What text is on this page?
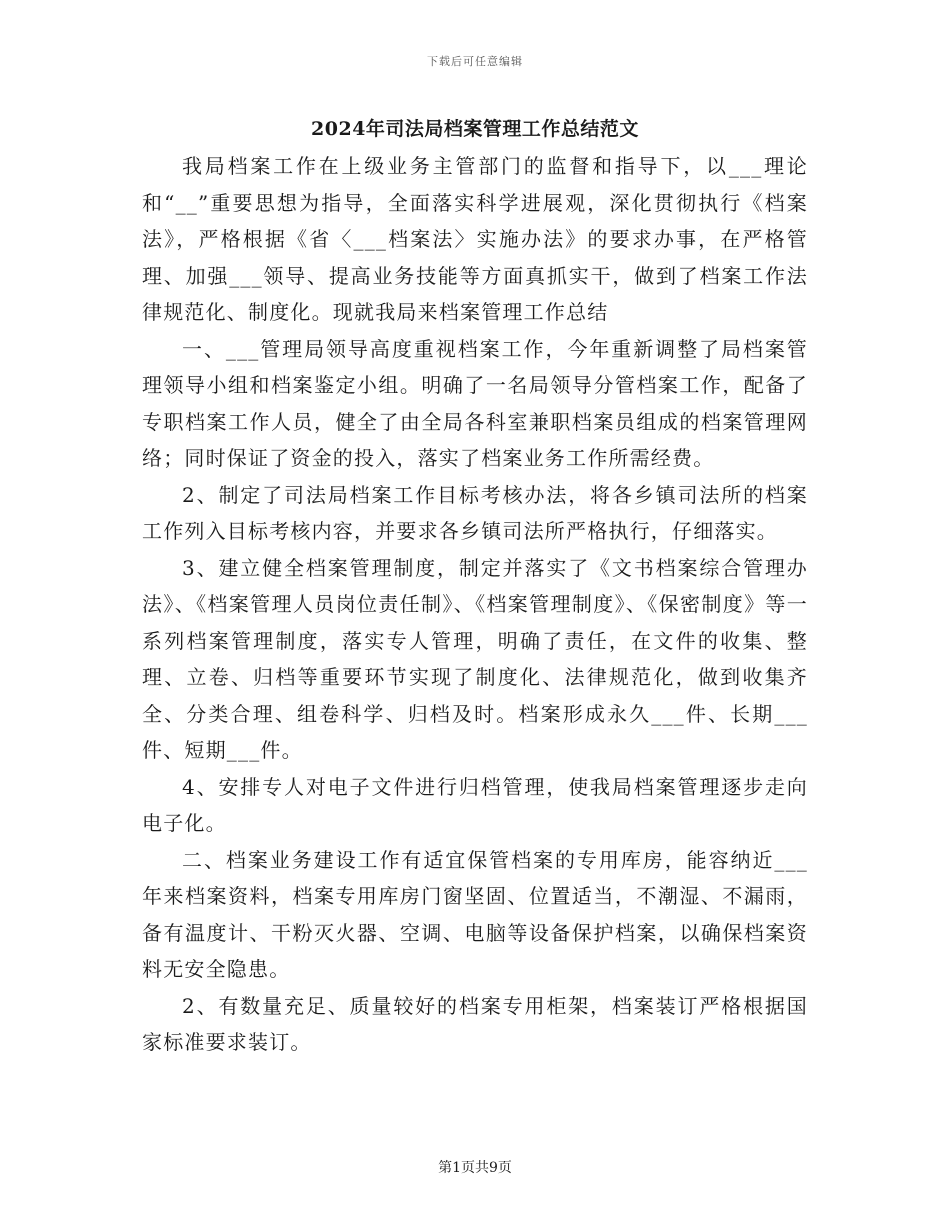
下载后可任意编辑
2024年司法局档案管理工作总结范文

我局档案工作在上级业务主管部门的监督和指导下，以___理论和“__”重要思想为指导，全面落实科学进展观，深化贯彻执行《档案法》，严格根据《省〈___档案法〉实施办法》的要求办事，在严格管理、加强___领导、提高业务技能等方面真抓实干，做到了档案工作法律规范化、制度化。现就我局来档案管理工作总结

一、___管理局领导高度重视档案工作，今年重新调整了局档案管理领导小组和档案鉴定小组。明确了一名局领导分管档案工作，配备了专职档案工作人员，健全了由全局各科室兼职档案员组成的档案管理网络；同时保证了资金的投入，落实了档案业务工作所需经费。

2、制定了司法局档案工作目标考核办法，将各乡镇司法所的档案工作列入目标考核内容，并要求各乡镇司法所严格执行，仔细落实。

3、建立健全档案管理制度，制定并落实了《文书档案综合管理办法》、《档案管理人员岗位责任制》、《档案管理制度》、《保密制度》等一系列档案管理制度，落实专人管理，明确了责任，在文件的收集、整理、立卷、归档等重要环节实现了制度化、法律规范化，做到收集齐全、分类合理、组卷科学、归档及时。档案形成永久___件、长期___件、短期___件。

4、安排专人对电子文件进行归档管理，使我局档案管理逐步走向电子化。

二、档案业务建设工作有适宜保管档案的专用库房，能容纳近___年来档案资料，档案专用库房门窗坚固、位置适当，不潮湿、不漏雨，备有温度计、干粉灭火器、空调、电脑等设备保护档案，以确保档案资料无安全隐患。

2、有数量充足、质量较好的档案专用柜架，档案装订严格根据国家标准要求装订。

第1页共9页
